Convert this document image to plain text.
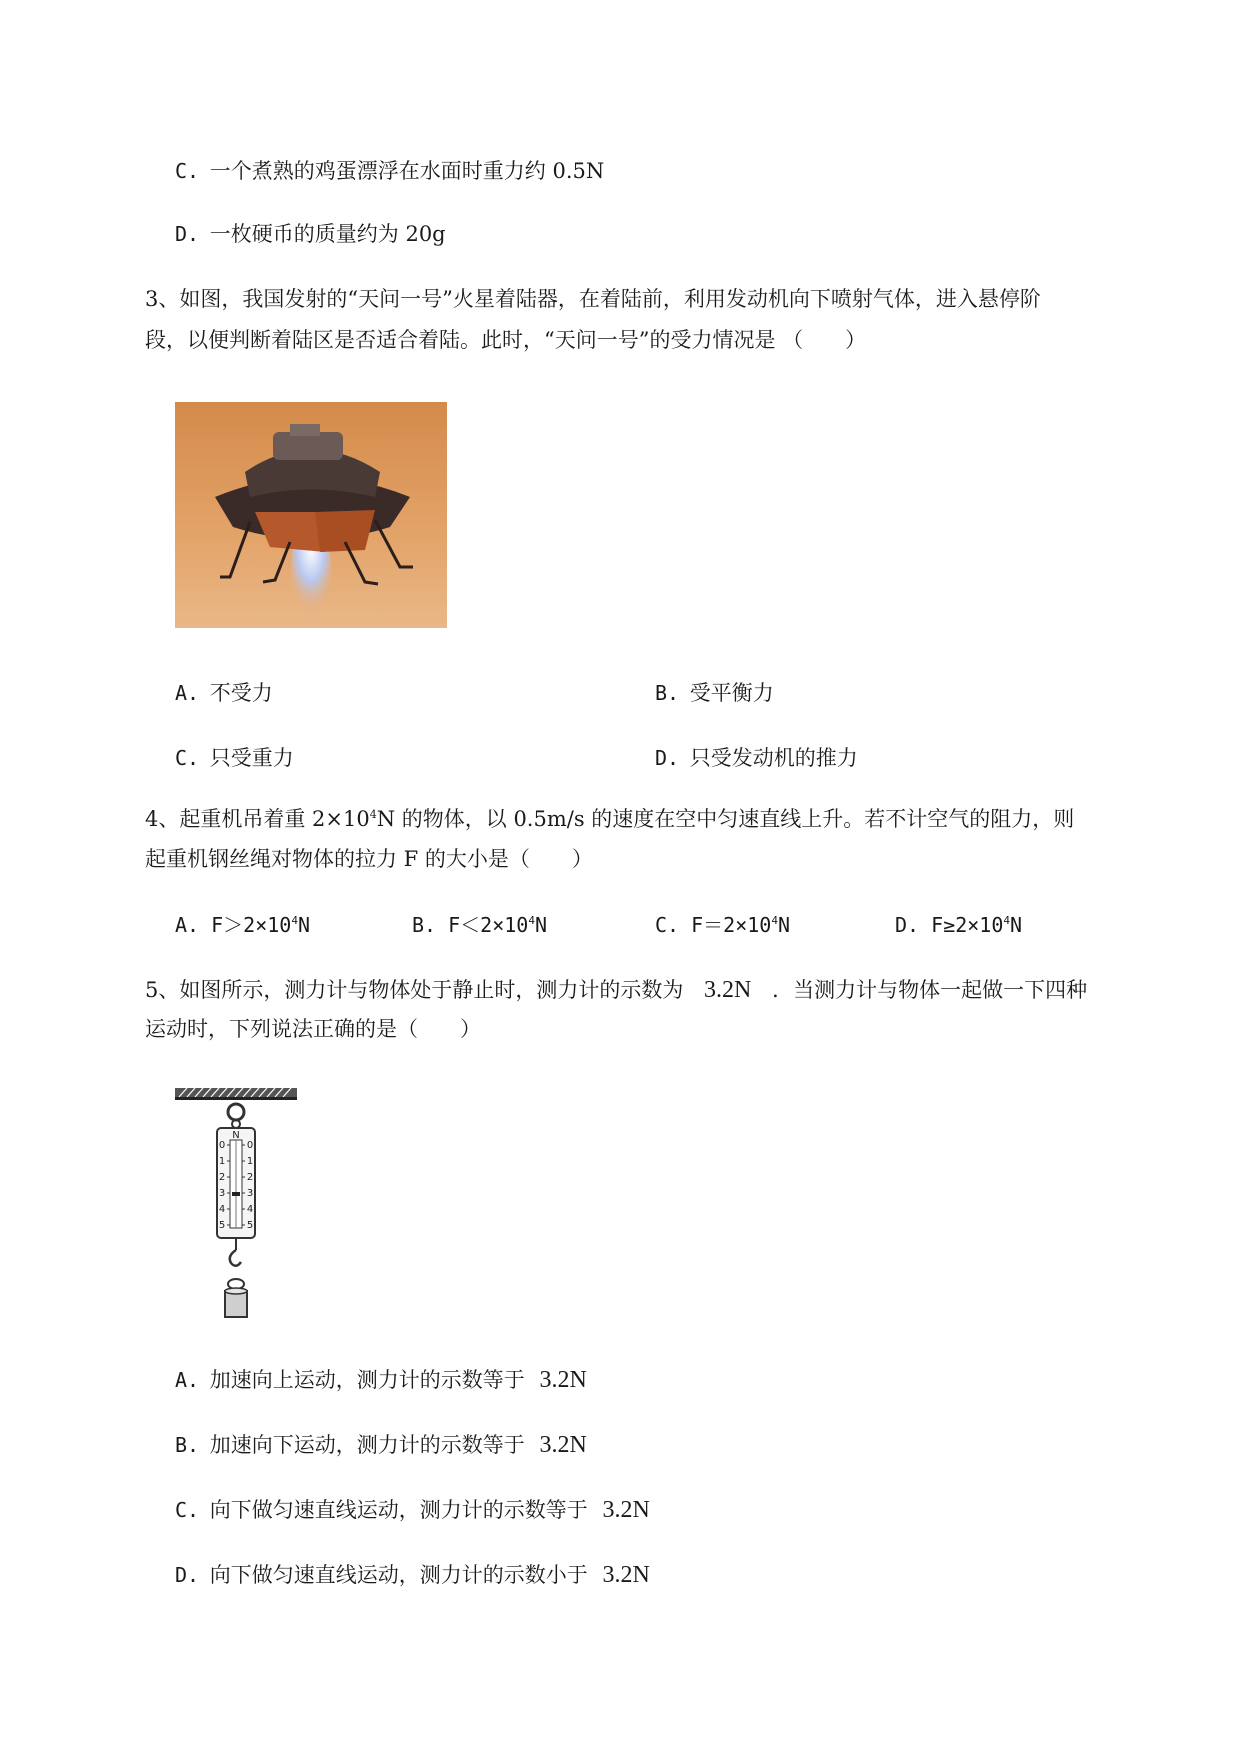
C. 一个煮熟的鸡蛋漂浮在水面时重力约 0.5N
D. 一枚硬币的质量约为 20g
3、如图，我国发射的“天问一号”火星着陆器，在着陆前，利用发动机向下喷射气体，进入悬停阶
段，以便判断着陆区是否适合着陆。此时，“天问一号”的受力情况是 （　　）
A. 不受力	B. 受平衡力
C. 只受重力	D. 只受发动机的推力
4、起重机吊着重 $2\times 10^4N$ 的物体，以 0.5m/s 的速度在空中匀速直线上升。若不计空气的阻力，则
起重机钢丝绳对物体的拉力 F 的大小是（　　）
A. $F>2\times 10^4N$	B. $F<2\times 10^4N$	C. $F=2\times 10^4N$	D. $F\ge 2\times 10^4N$
5、如图所示，测力计与物体处于静止时，测力计的示数为 3.2N ．当测力计与物体一起做一下四种
运动时，下列说法正确的是（　　）
N
0 0
1 1
2 2
3 3
4 4
5 5
A. 加速向上运动，测力计的示数等于 3.2N
B. 加速向下运动，测力计的示数等于 3.2N
C. 向下做匀速直线运动，测力计的示数等于 3.2N
D. 向下做匀速直线运动，测力计的示数小于 3.2N
